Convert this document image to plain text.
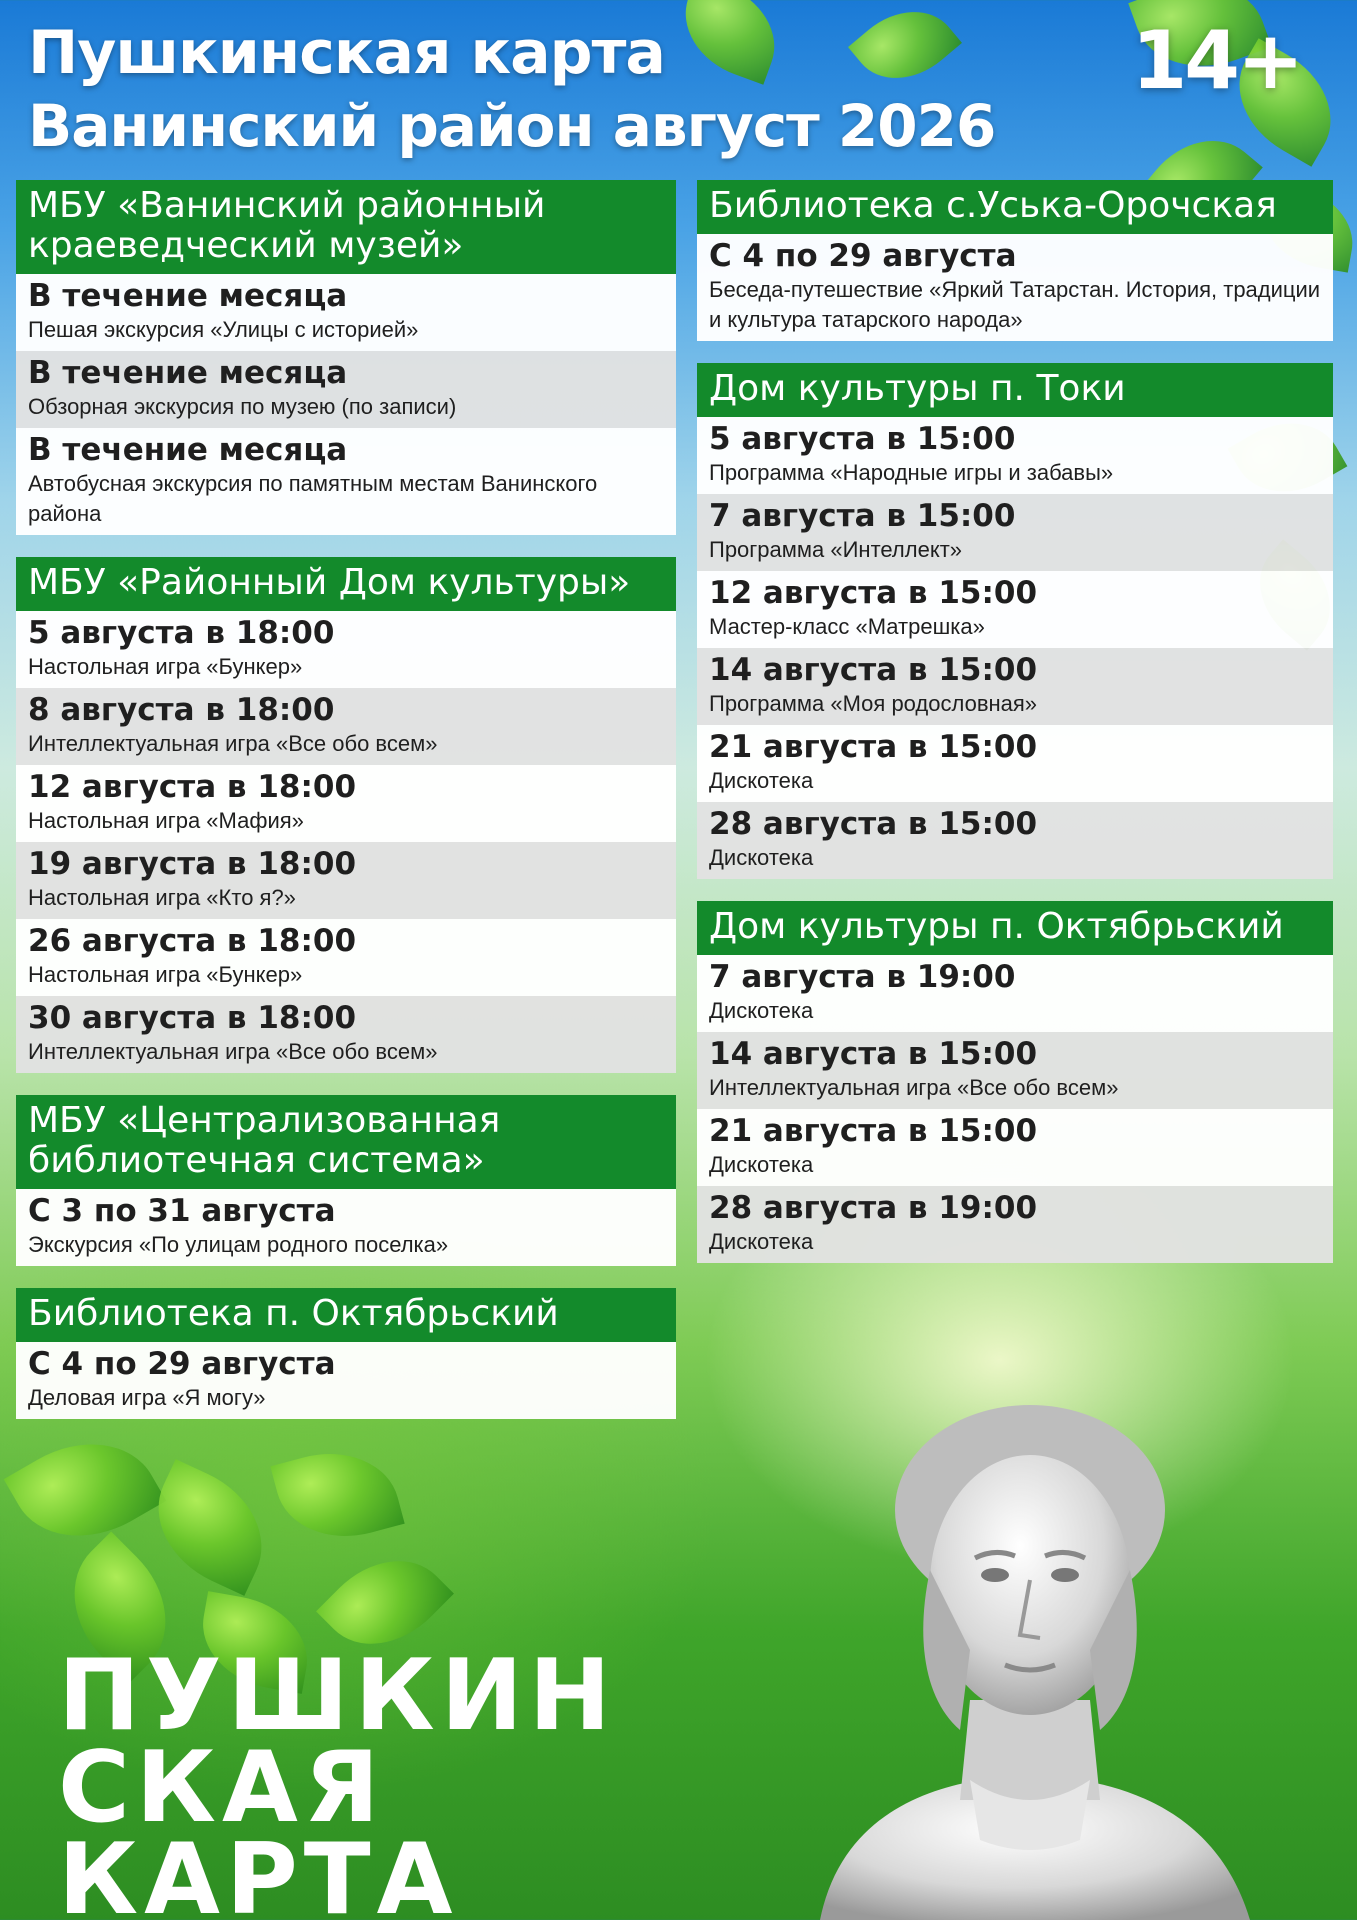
Пушкинская карта
Ванинский район август 2026
14+
МБУ «Ванинский районный краеведческий музей»
В течение месяца
Пешая экскурсия «Улицы с историей»
В течение месяца
Обзорная экскурсия по музею (по записи)
В течение месяца
Автобусная экскурсия по памятным местам Ванинского района
МБУ «Районный Дом культуры»
5 августа в 18:00
Настольная игра «Бункер»
8 августа в 18:00
Интеллектуальная игра «Все обо всем»
12 августа в 18:00
Настольная игра «Мафия»
19 августа в 18:00
Настольная игра «Кто я?»
26 августа в 18:00
Настольная игра «Бункер»
30 августа в 18:00
Интеллектуальная игра «Все обо всем»
МБУ «Централизованная библиотечная система»
С 3 по 31 августа
Экскурсия «По улицам родного поселка»
Библиотека п. Октябрьский
С 4 по 29 августа
Деловая игра «Я могу»
Библиотека с.Уська-Орочская
С 4 по 29 августа
Беседа-путешествие «Яркий Татарстан. История, традиции и культура татарского народа»
Дом культуры п. Токи
5 августа в 15:00
Программа «Народные игры и забавы»
7 августа в 15:00
Программа «Интеллект»
12 августа в 15:00
Мастер-класс «Матрешка»
14 августа в 15:00
Программа «Моя родословная»
21 августа в 15:00
Дискотека
28 августа в 15:00
Дискотека
Дом культуры п. Октябрьский
7 августа в 19:00
Дискотека
14 августа в 15:00
Интеллектуальная игра «Все обо всем»
21 августа в 15:00
Дискотека
28 августа в 19:00
Дискотека
ПУШКИН
СКАЯ
КАРТА
